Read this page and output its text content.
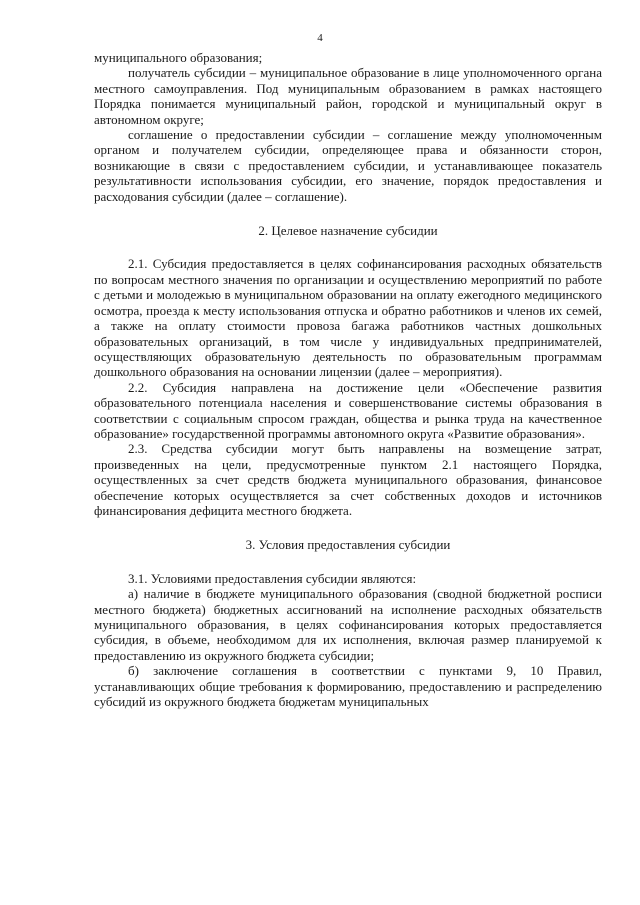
4

муниципального образования;

получатель субсидии – муниципальное образование в лице уполномоченного органа местного самоуправления. Под муниципальным образованием в рамках настоящего Порядка понимается муниципальный район, городской и муниципальный округ в автономном округе;

соглашение о предоставлении субсидии – соглашение между уполномоченным органом и получателем субсидии, определяющее права и обязанности сторон, возникающие в связи с предоставлением субсидии, и устанавливающее показатель результативности использования субсидии, его значение, порядок предоставления и расходования субсидии (далее – соглашение).

2. Целевое назначение субсидии

2.1. Субсидия предоставляется в целях софинансирования расходных обязательств по вопросам местного значения по организации и осуществлению мероприятий по работе с детьми и молодежью в муниципальном образовании на оплату ежегодного медицинского осмотра, проезда к месту использования отпуска и обратно работников и членов их семей, а также на оплату стоимости провоза багажа работников частных дошкольных образовательных организаций, в том числе у индивидуальных предпринимателей, осуществляющих образовательную деятельность по образовательным программам дошкольного образования на основании лицензии (далее – мероприятия).

2.2. Субсидия направлена на достижение цели «Обеспечение развития образовательного потенциала населения и совершенствование системы образования в соответствии с социальным спросом граждан, общества и рынка труда на качественное образование» государственной программы автономного округа «Развитие образования».

2.3. Средства субсидии могут быть направлены на возмещение затрат, произведенных на цели, предусмотренные пунктом 2.1 настоящего Порядка, осуществленных за счет средств бюджета муниципального образования, финансовое обеспечение которых осуществляется за счет собственных доходов и источников финансирования дефицита местного бюджета.

3. Условия предоставления субсидии

3.1. Условиями предоставления субсидии являются:

а) наличие в бюджете муниципального образования (сводной бюджетной росписи местного бюджета) бюджетных ассигнований на исполнение расходных обязательств муниципального образования, в целях софинансирования которых предоставляется субсидия, в объеме, необходимом для их исполнения, включая размер планируемой к предоставлению из окружного бюджета субсидии;

б) заключение соглашения в соответствии с пунктами 9, 10 Правил, устанавливающих общие требования к формированию, предоставлению и распределению субсидий из окружного бюджета бюджетам муниципальных
